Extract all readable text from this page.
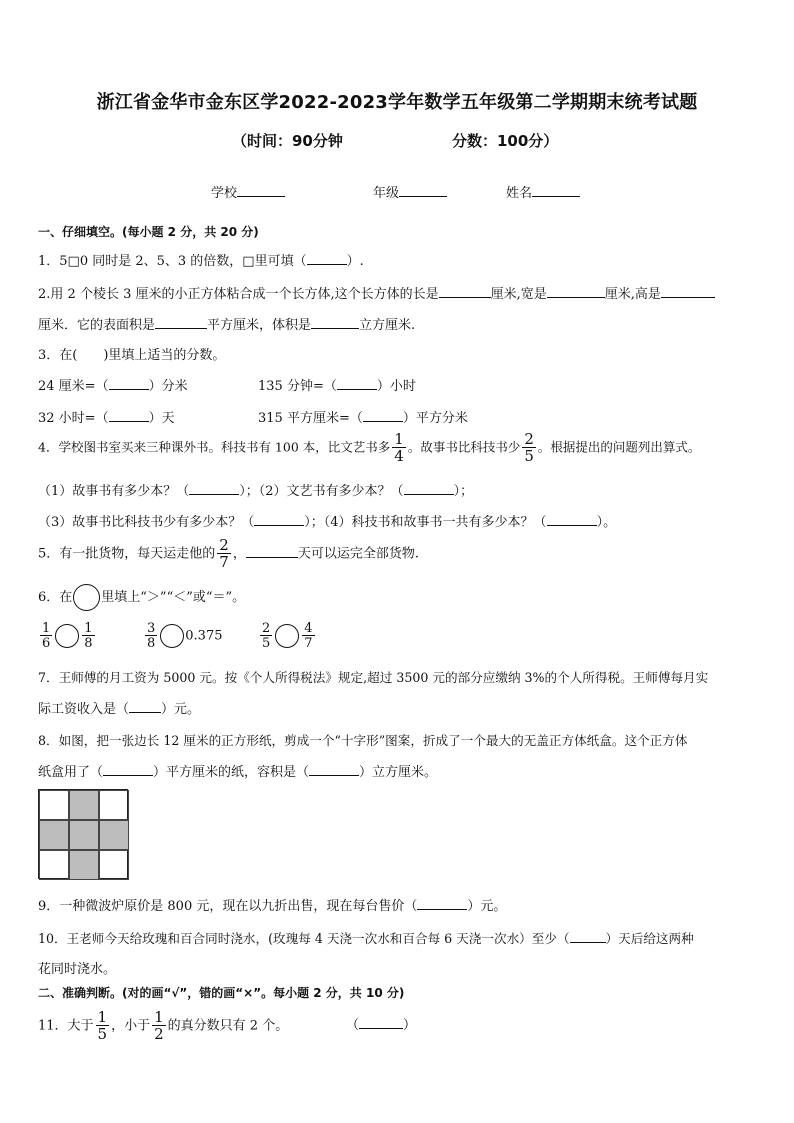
浙江省金华市金东区学2022-2023学年数学五年级第二学期期末统考试题
（时间：90分钟	分数：100分）
学校	年级	姓名
一、仔细填空。(每小题 2 分，共 20 分)
1．5□0 同时是 2、5、3 的倍数，□里可填（	）.
2.用 2 个棱长 3 厘米的小正方体粘合成一个长方体,这个长方体的长是	厘米,宽是	厘米,高是
厘米．它的表面积是	平方厘米，体积是	立方厘米.
3．在(　　)里填上适当的分数。
24 厘米=（	）分米	135 分钟=（	）小时
32 小时=（	）天	315 平方厘米=（	）平方分米
4．学校图书室买来三种课外书。科技书有 100 本，比文艺书多 $\frac{1}{4}$ 。故事书比科技书少 $\frac{2}{5}$ 。根据提出的问题列出算式。
（1）故事书有多少本？（	）；（2）文艺书有多少本？（	）；
（3）故事书比科技书少有多少本？（	）；（4）科技书和故事书一共有多少本？（	）。
5．有一批货物，每天运走他的 $\frac{2}{7}$ ，	天可以运完全部货物.
6．在 里填上“＞”“＜”或“＝”。
$\frac{1}{6} \frac{1}{8}$	$\frac{3}{8} 0.375$	$\frac{2}{5} \frac{4}{7}$
7．王师傅的月工资为 5000 元。按《个人所得税法》规定,超过 3500 元的部分应缴纳 3%的个人所得税。王师傅每月实
际工资收入是（ ）元。
8．如图，把一张边长 12 厘米的正方形纸，剪成一个“十字形”图案，折成了一个最大的无盖正方体纸盒。这个正方体
纸盒用了（	）平方厘米的纸，容积是（	）立方厘米。
9．一种微波炉原价是 800 元，现在以九折出售，现在每台售价（	）元。
10．王老师今天给玫瑰和百合同时浇水，(玫瑰每 4 天浇一次水和百合每 6 天浇一次水）至少（	）天后给这两种
花同时浇水。
二、准确判断。(对的画“√”，错的画“×”。每小题 2 分，共 10 分)
11．大于 $\frac{1}{5}$ ，小于 $\frac{1}{2}$ 的真分数只有 2 个。	（	）
